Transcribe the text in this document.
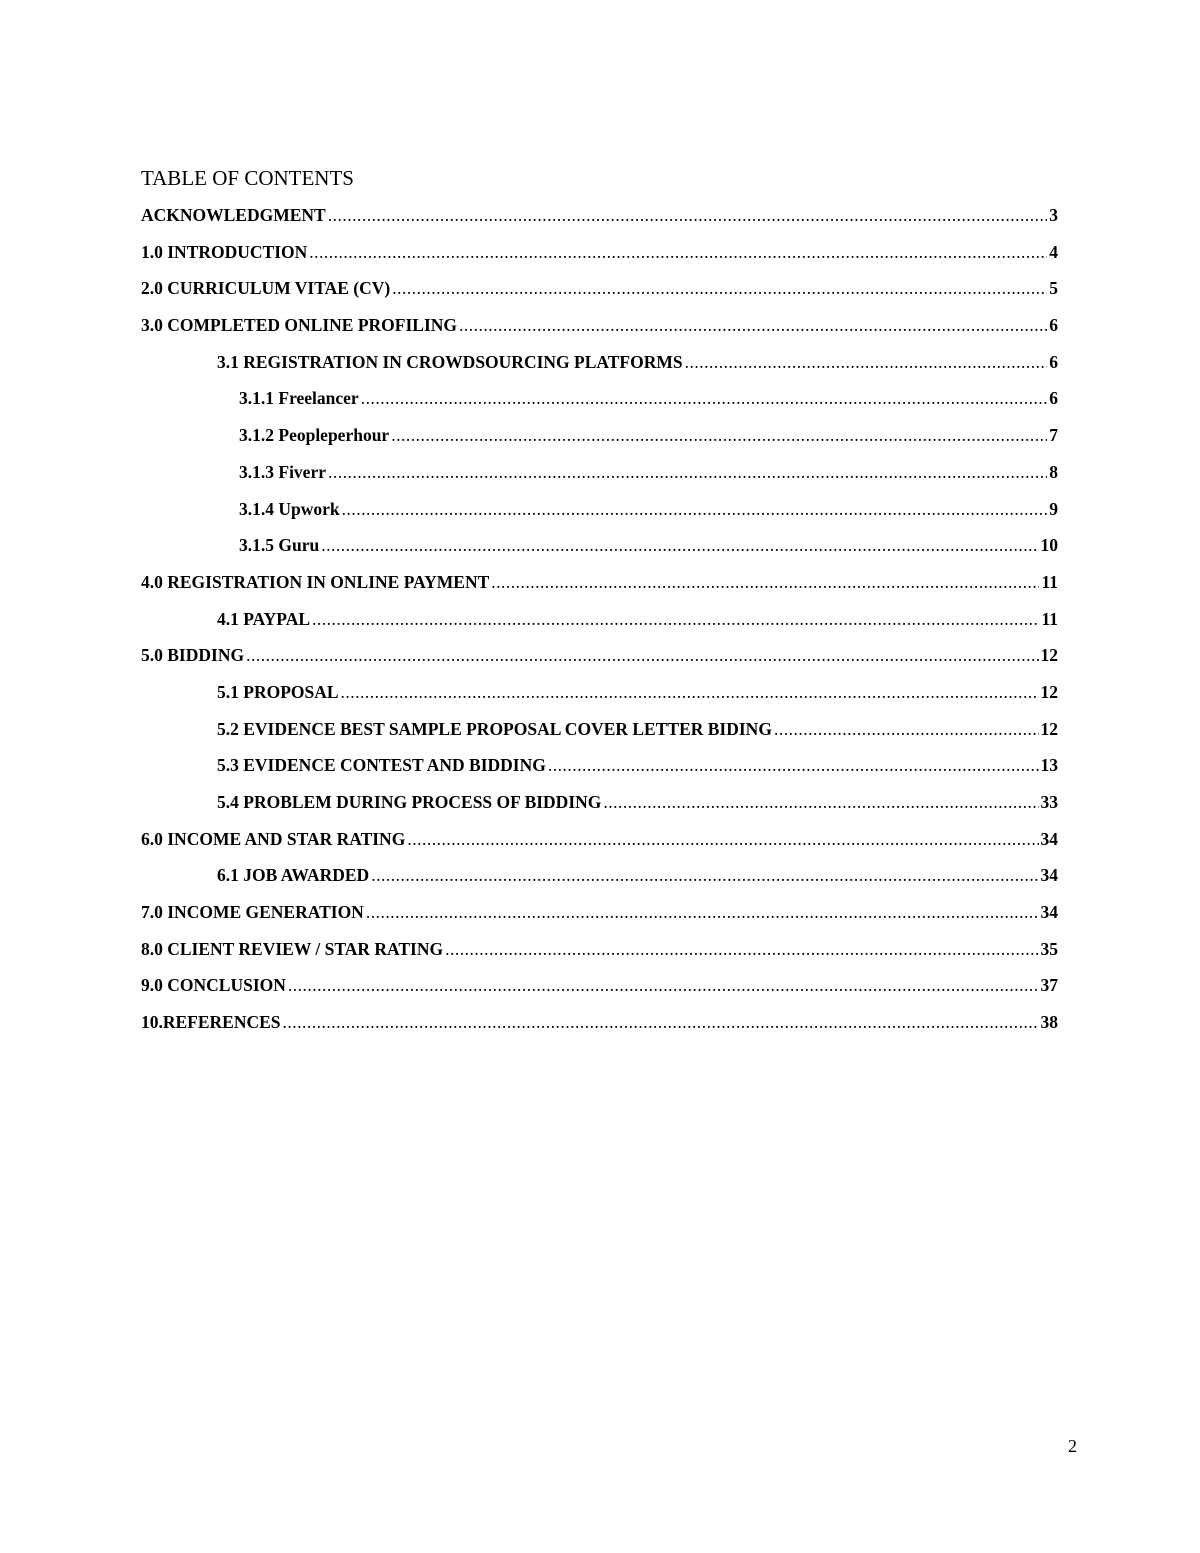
TABLE OF CONTENTS
ACKNOWLEDGMENT .....	3
1.0 INTRODUCTION .....	4
2.0 CURRICULUM VITAE (CV) .....	5
3.0 COMPLETED ONLINE PROFILING .....	6
3.1 REGISTRATION IN CROWDSOURCING PLATFORMS .....	6
3.1.1 Freelancer .....	6
3.1.2 Peopleperhour .....	7
3.1.3 Fiverr .....	8
3.1.4 Upwork .....	9
3.1.5 Guru .....	10
4.0 REGISTRATION IN ONLINE PAYMENT .....	11
4.1 PAYPAL .....	11
5.0 BIDDING .....	12
5.1 PROPOSAL .....	12
5.2 EVIDENCE BEST SAMPLE PROPOSAL COVER LETTER BIDING .....	12
5.3 EVIDENCE CONTEST AND BIDDING .....	13
5.4 PROBLEM DURING PROCESS OF BIDDING .....	33
6.0 INCOME AND STAR RATING .....	34
6.1 JOB AWARDED .....	34
7.0 INCOME GENERATION .....	34
8.0 CLIENT REVIEW / STAR RATING .....	35
9.0 CONCLUSION .....	37
10.REFERENCES .....	38
2
